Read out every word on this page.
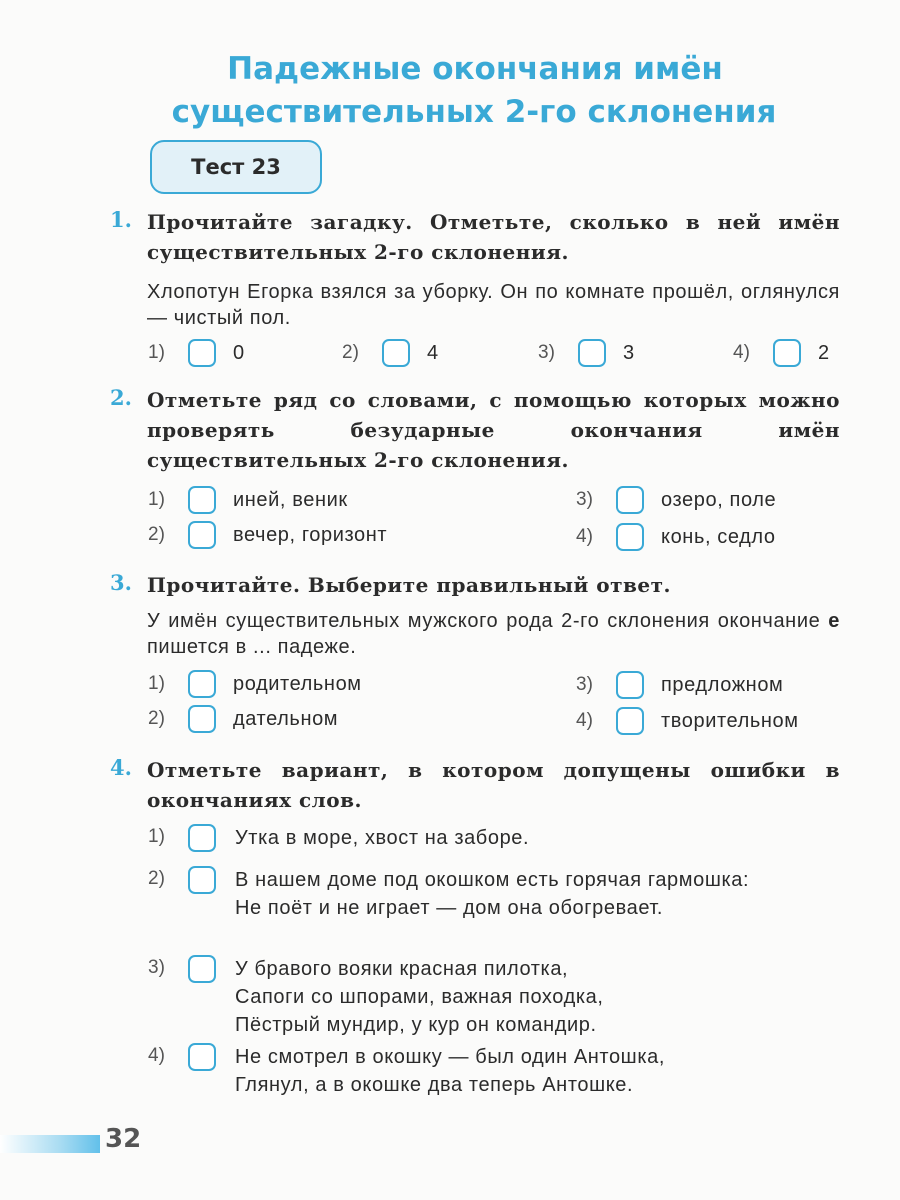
Падежные окончания имён
существительных 2-го склонения
Тест 23
1. Прочитайте загадку. Отметьте, сколько в ней имён существительных 2-го склонения.
Хлопотун Егорка взялся за уборку. Он по комнате прошёл, оглянулся — чистый пол.
1)	0	2)	4	3)	3	4)	2
2. Отметьте ряд со словами, с помощью которых можно проверять безударные окончания имён существительных 2-го склонения.
1)	иней, веник
2)	вечер, горизонт
3)	озеро, поле
4)	конь, седло
3. Прочитайте. Выберите правильный ответ.
У имён существительных мужского рода 2-го склонения окончание е пишется в ... падеже.
1)	родительном
2)	дательном
3)	предложном
4)	творительном
4. Отметьте вариант, в котором допущены ошибки в окончаниях слов.
1)	Утка в море, хвост на заборе.
2)	В нашем доме под окошком есть горячая гармошка:
Не поёт и не играет — дом она обогревает.
3)	У бравого вояки красная пилотка,
Сапоги со шпорами, важная походка,
Пёстрый мундир, у кур он командир.
4)	Не смотрел в окошку — был один Антошка,
Глянул, а в окошке два теперь Антошке.
32
